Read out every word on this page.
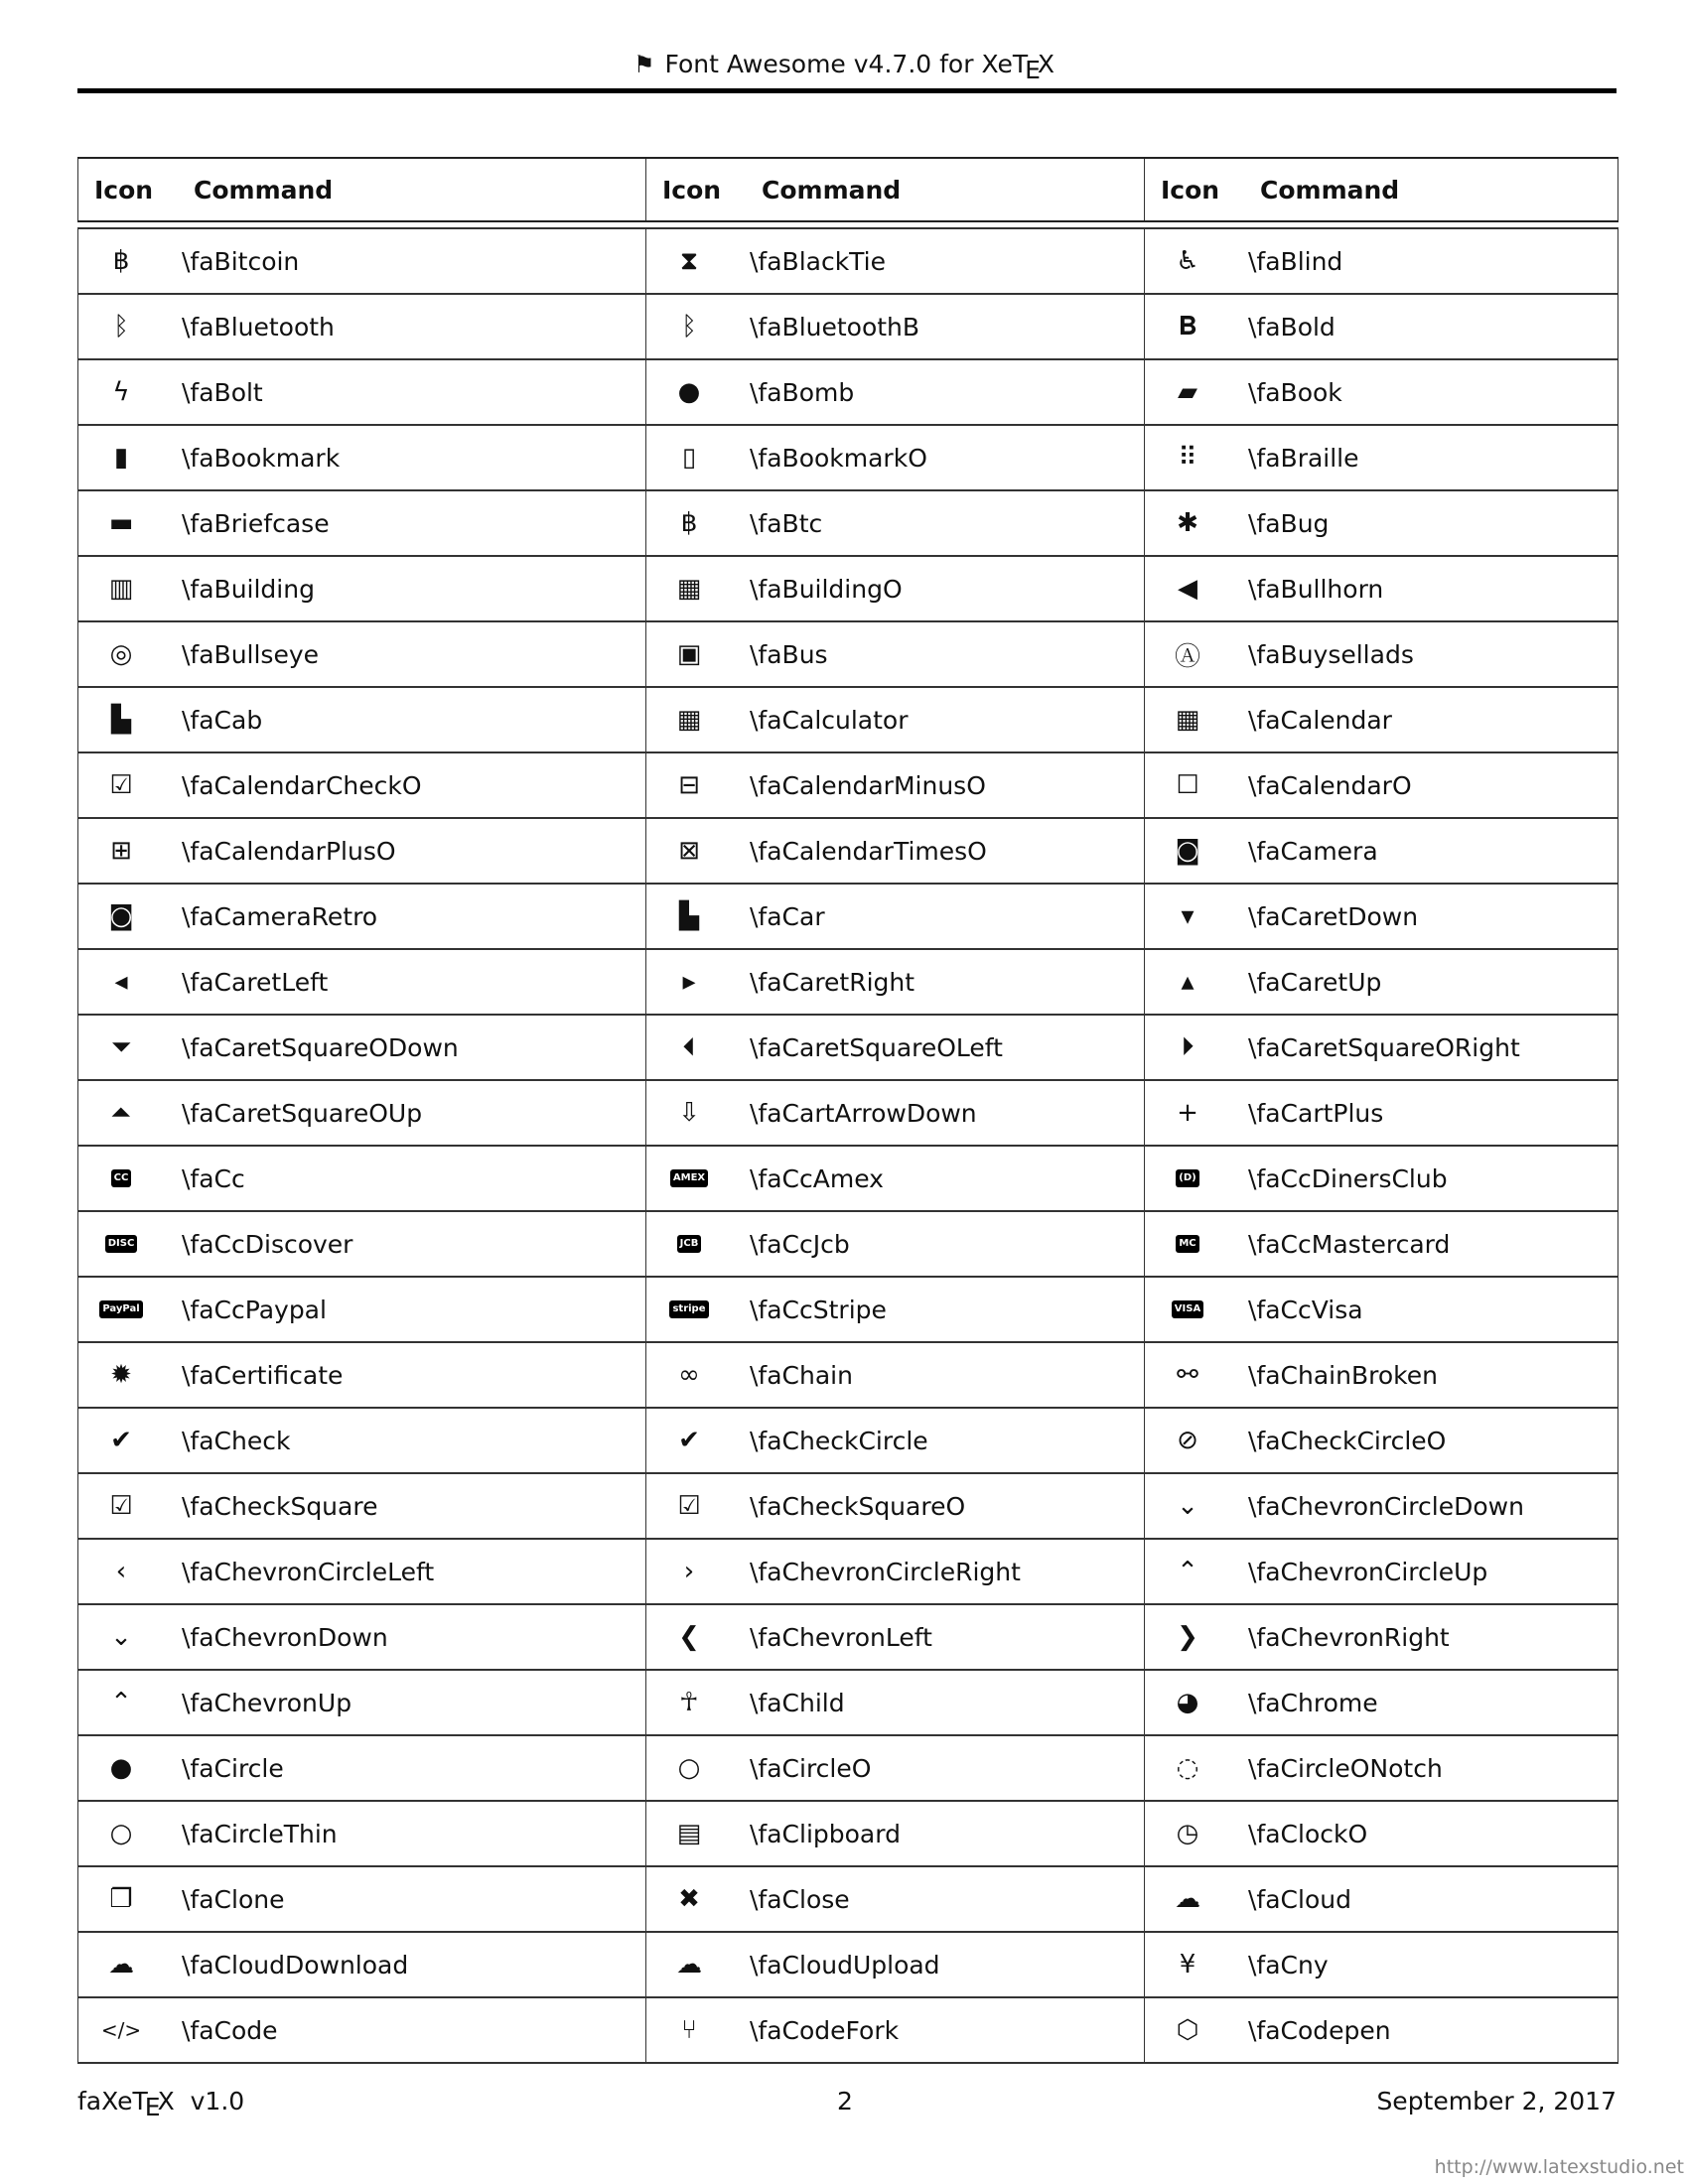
⚑ Font Awesome v4.7.0 for XeTEX
Icon Command	Icon Command	Icon Command

฿ \faBitcoin	⧗ \faBlackTie	♿ \faBlind

ᛒ \faBluetooth	ᛒ \faBluetoothB	𝐁 \faBold

ϟ \faBolt	● \faBomb	▰ \faBook

▮ \faBookmark	▯ \faBookmarkO	⠿ \faBraille

▬ \faBriefcase	฿ \faBtc	✱ \faBug

▥ \faBuilding	▦ \faBuildingO	◀ \faBullhorn

◎ \faBullseye	▣ \faBus	Ⓐ \faBuysellads

▙ \faCab	▦ \faCalculator	▦ \faCalendar

☑ \faCalendarCheckO	⊟ \faCalendarMinusO	☐ \faCalendarO

⊞ \faCalendarPlusO	⊠ \faCalendarTimesO	◙ \faCamera

◙ \faCameraRetro	▙ \faCar	▾ \faCaretDown

◂ \faCaretLeft	▸ \faCaretRight	▴ \faCaretUp

⏷ \faCaretSquareODown	⏴ \faCaretSquareOLeft	⏵ \faCaretSquareORight

⏶ \faCaretSquareOUp	⇩ \faCartArrowDown	+ \faCartPlus

CC \faCc	AMEX \faCcAmex	(D) \faCcDinersClub

DISC \faCcDiscover	JCB \faCcJcb	MC \faCcMastercard

PayPal \faCcPaypal	stripe \faCcStripe	VISA \faCcVisa

✹ \faCertificate	∞ \faChain	⚯ \faChainBroken

✔ \faCheck	✔ \faCheckCircle	⊘ \faCheckCircleO

☑ \faCheckSquare	☑ \faCheckSquareO	⌄ \faChevronCircleDown

‹ \faChevronCircleLeft	› \faChevronCircleRight	⌃ \faChevronCircleUp

⌄ \faChevronDown	❮ \faChevronLeft	❯ \faChevronRight

⌃ \faChevronUp	☥ \faChild	◕ \faChrome

● \faCircle	○ \faCircleO	◌ \faCircleONotch

○ \faCircleThin	▤ \faClipboard	◷ \faClockO

❐ \faClone	✖ \faClose	☁ \faCloud

☁ \faCloudDownload	☁ \faCloudUpload	¥ \faCny

</> \faCode	⑂ \faCodeFork	⬡ \faCodepen
faXeTEX v1.0	2	September 2, 2017
http://www.latexstudio.net
